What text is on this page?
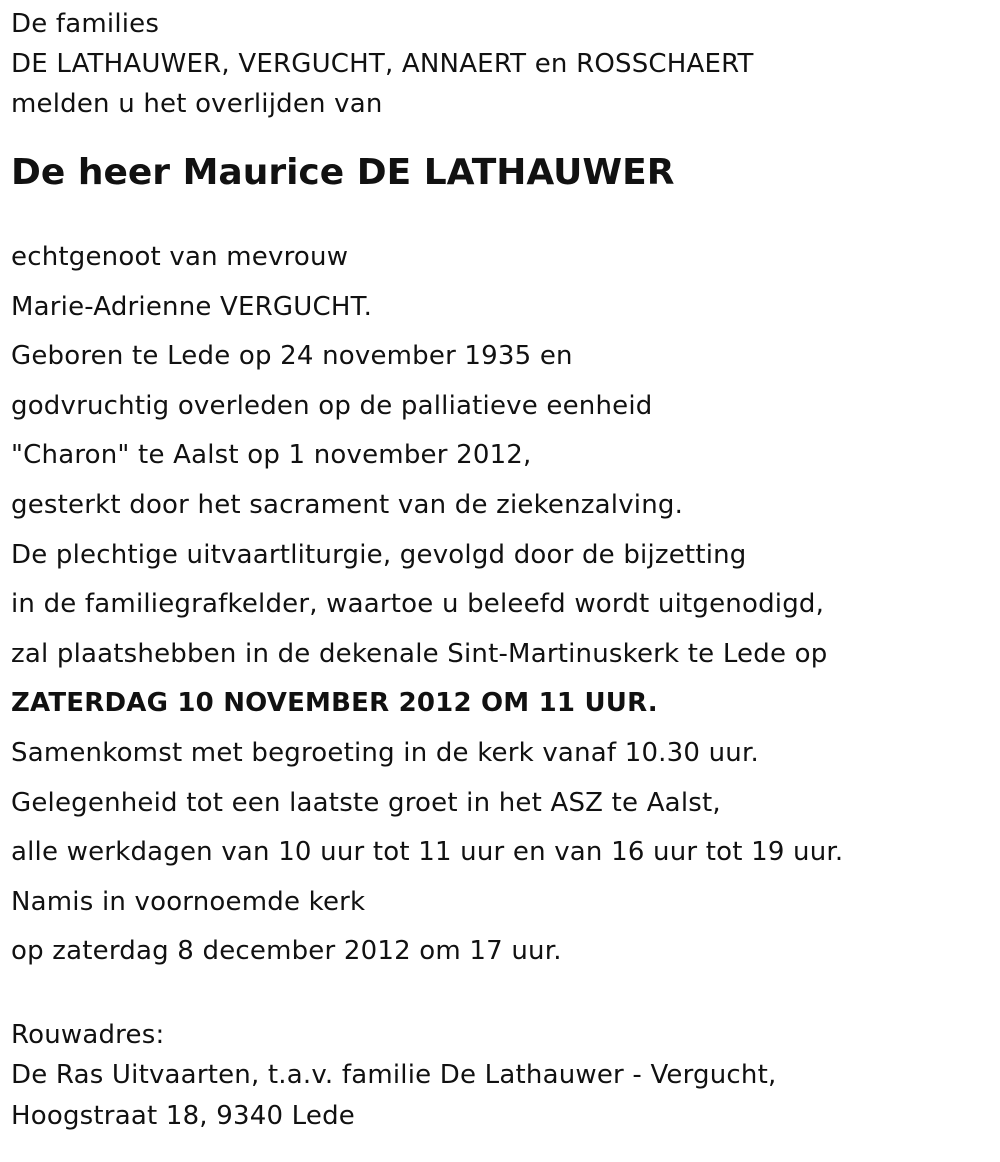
De families
DE LATHAUWER, VERGUCHT, ANNAERT en ROSSCHAERT
melden u het overlijden van
De heer Maurice DE LATHAUWER
echtgenoot van mevrouw
Marie-Adrienne VERGUCHT.
Geboren te Lede op 24 november 1935 en
godvruchtig overleden op de palliatieve eenheid
"Charon" te Aalst op 1 november 2012,
gesterkt door het sacrament van de ziekenzalving.
De plechtige uitvaartliturgie, gevolgd door de bijzetting
in de familiegrafkelder, waartoe u beleefd wordt uitgenodigd,
zal plaatshebben in de dekenale Sint-Martinuskerk te Lede op
ZATERDAG 10 NOVEMBER 2012 OM 11 UUR.
Samenkomst met begroeting in de kerk vanaf 10.30 uur.
Gelegenheid tot een laatste groet in het ASZ te Aalst,
alle werkdagen van 10 uur tot 11 uur en van 16 uur tot 19 uur.
Namis in voornoemde kerk
op zaterdag 8 december 2012 om 17 uur.
Rouwadres:
De Ras Uitvaarten, t.a.v. familie De Lathauwer - Vergucht,
Hoogstraat 18, 9340 Lede
